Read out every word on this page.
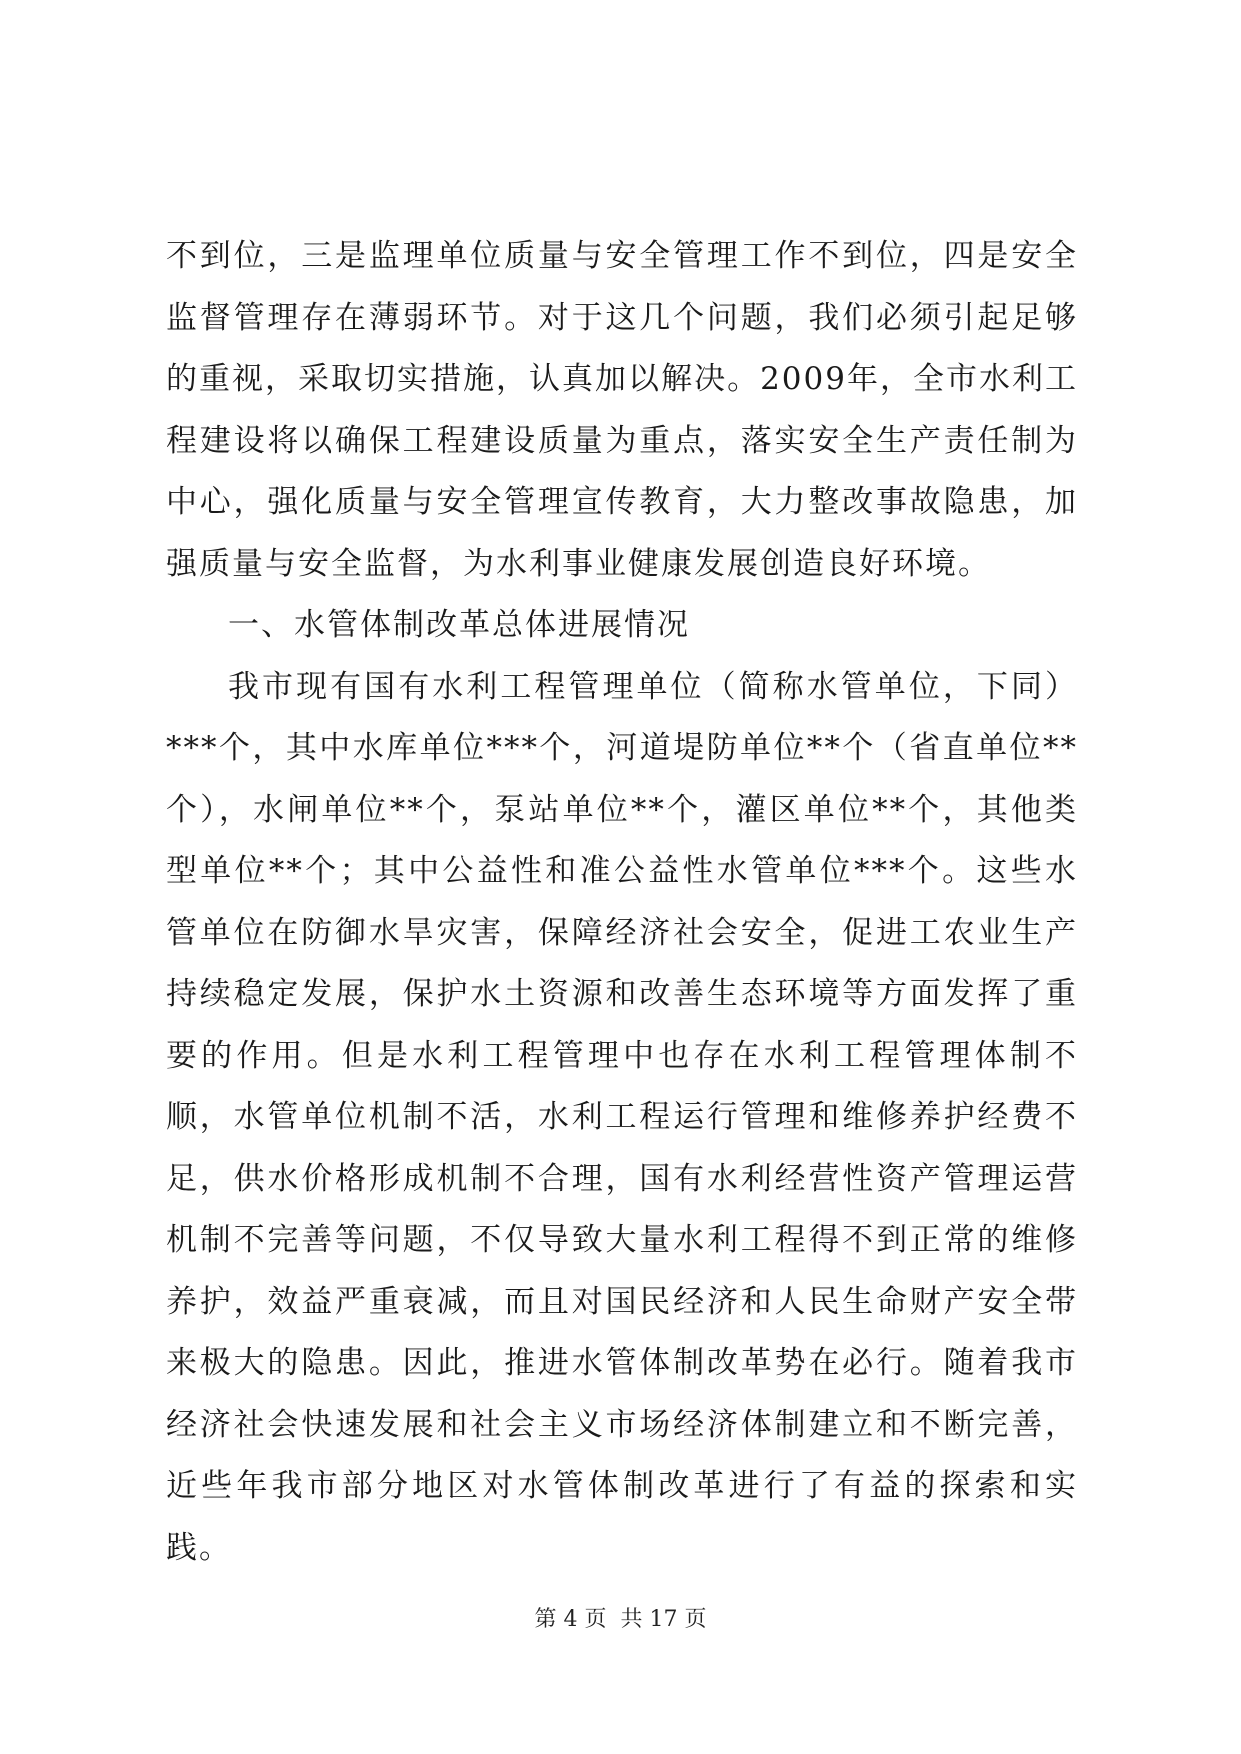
不到位，三是监理单位质量与安全管理工作不到位，四是安全监督管理存在薄弱环节。对于这几个问题，我们必须引起足够的重视，采取切实措施，认真加以解决。2009年，全市水利工程建设将以确保工程建设质量为重点，落实安全生产责任制为中心，强化质量与安全管理宣传教育，大力整改事故隐患，加强质量与安全监督，为水利事业健康发展创造良好环境。

一、水管体制改革总体进展情况

我市现有国有水利工程管理单位（简称水管单位，下同）***个，其中水库单位***个，河道堤防单位**个（省直单位**个），水闸单位**个，泵站单位**个，灌区单位**个，其他类型单位**个；其中公益性和准公益性水管单位***个。这些水管单位在防御水旱灾害，保障经济社会安全，促进工农业生产持续稳定发展，保护水土资源和改善生态环境等方面发挥了重要的作用。但是水利工程管理中也存在水利工程管理体制不顺，水管单位机制不活，水利工程运行管理和维修养护经费不足，供水价格形成机制不合理，国有水利经营性资产管理运营机制不完善等问题，不仅导致大量水利工程得不到正常的维修养护，效益严重衰减，而且对国民经济和人民生命财产安全带来极大的隐患。因此，推进水管体制改革势在必行。随着我市经济社会快速发展和社会主义市场经济体制建立和不断完善，近些年我市部分地区对水管体制改革进行了有益的探索和实践。

第 4 页  共 17 页
